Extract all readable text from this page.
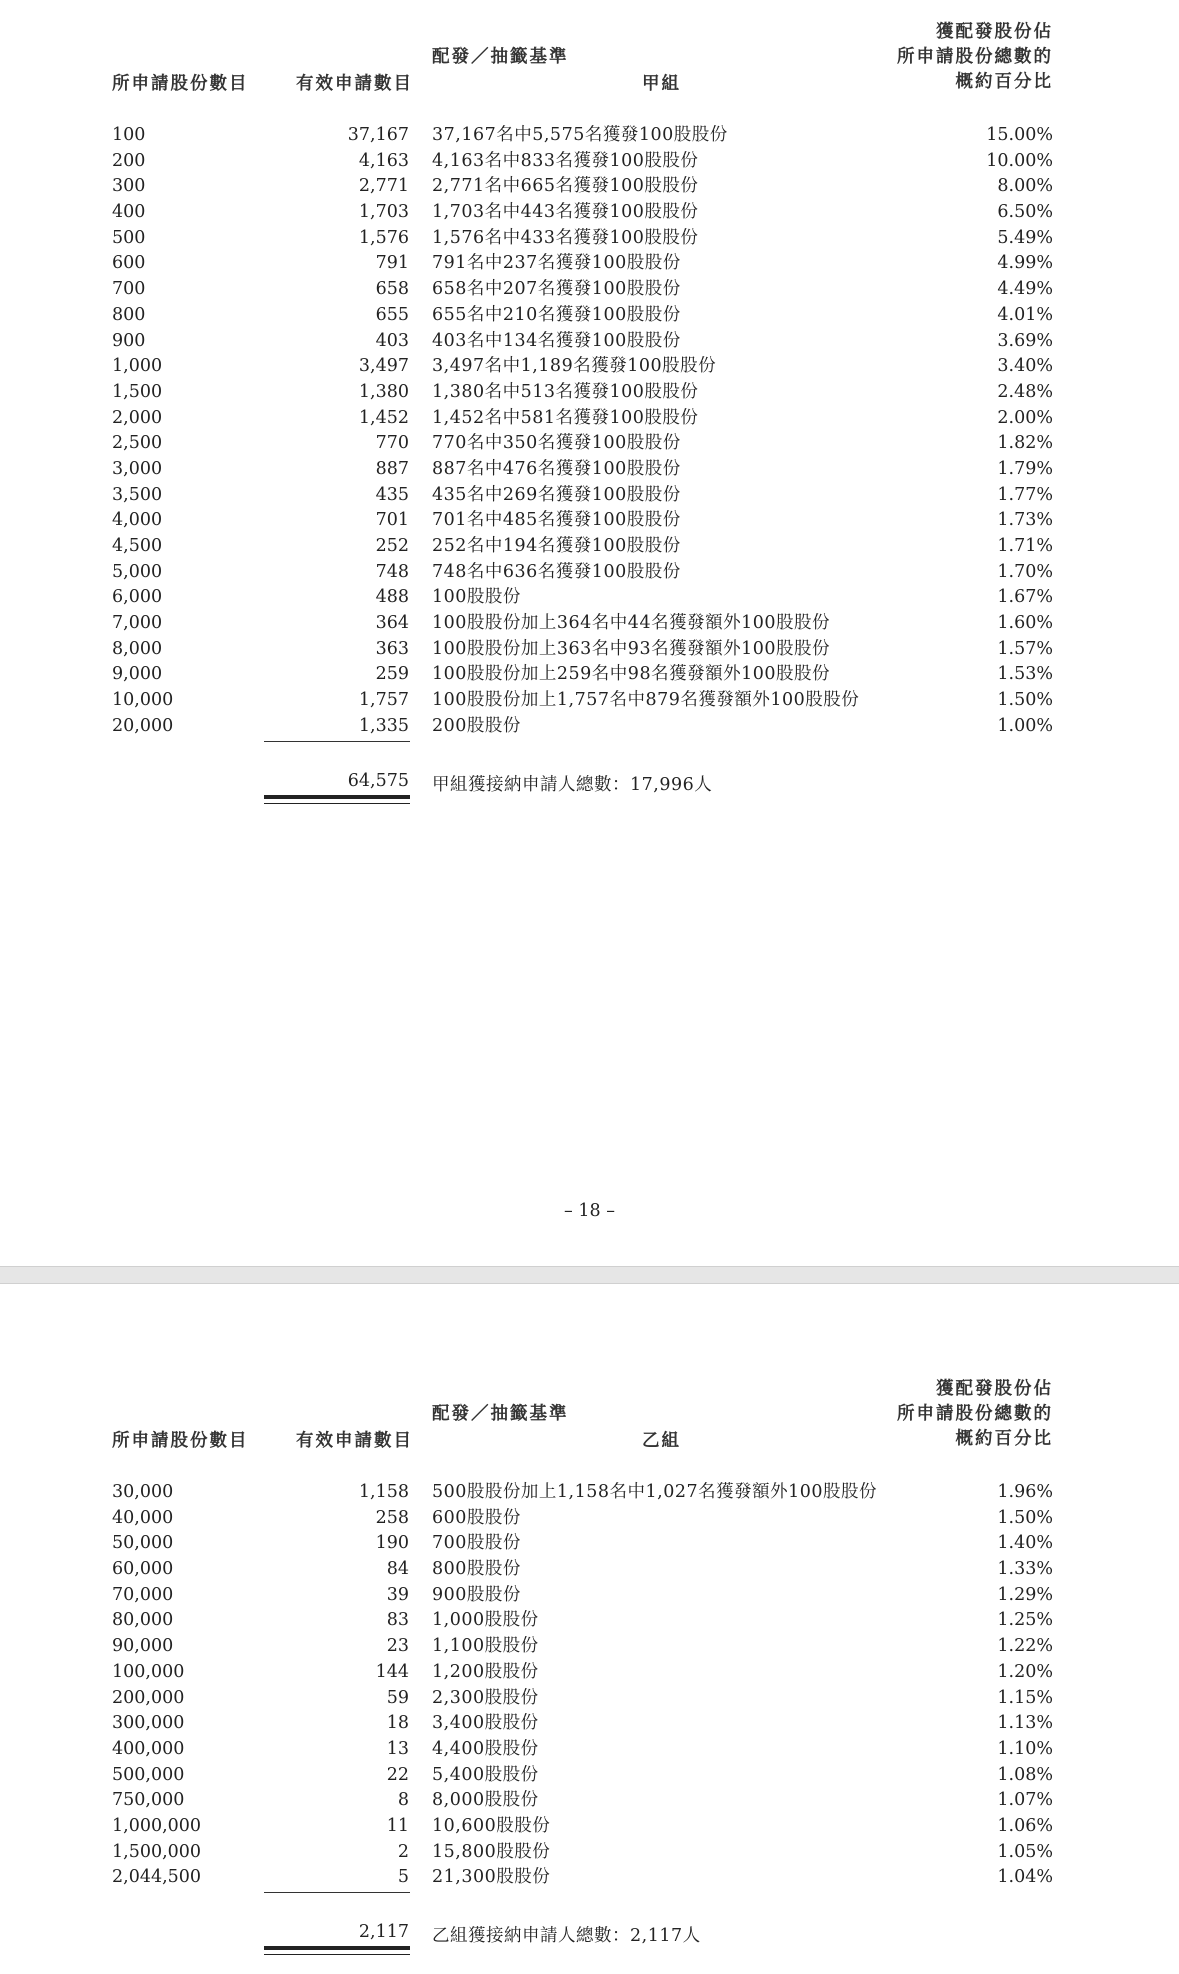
獲配發股份佔
所申請股份總數的
概約百分比
配發／抽籤基準
所申請股份數目	有效申請數目	甲組
100	37,167 37,167名中5,575名獲發100股股份	15.00%
200	4,163 4,163名中833名獲發100股股份	10.00%
300	2,771 2,771名中665名獲發100股股份	8.00%
400	1,703 1,703名中443名獲發100股股份	6.50%
500	1,576 1,576名中433名獲發100股股份	5.49%
600	791 791名中237名獲發100股股份	4.99%
700	658 658名中207名獲發100股股份	4.49%
800	655 655名中210名獲發100股股份	4.01%
900	403 403名中134名獲發100股股份	3.69%
1,000	3,497 3,497名中1,189名獲發100股股份	3.40%
1,500	1,380 1,380名中513名獲發100股股份	2.48%
2,000	1,452 1,452名中581名獲發100股股份	2.00%
2,500	770 770名中350名獲發100股股份	1.82%
3,000	887 887名中476名獲發100股股份	1.79%
3,500	435 435名中269名獲發100股股份	1.77%
4,000	701 701名中485名獲發100股股份	1.73%
4,500	252 252名中194名獲發100股股份	1.71%
5,000	748 748名中636名獲發100股股份	1.70%
6,000	488 100股股份	1.67%
7,000	364 100股股份加上364名中44名獲發額外100股股份	1.60%
8,000	363 100股股份加上363名中93名獲發額外100股股份	1.57%
9,000	259 100股股份加上259名中98名獲發額外100股股份	1.53%
10,000	1,757 100股股份加上1,757名中879名獲發額外100股股份	1.50%
20,000	1,335 200股股份	1.00%
64,575 甲組獲接納申請人總數：17,996人
– 18 –
獲配發股份佔
所申請股份總數的
概約百分比
配發／抽籤基準
所申請股份數目	有效申請數目	乙組
30,000	1,158 500股股份加上1,158名中1,027名獲發額外100股股份	1.96%
40,000	258 600股股份	1.50%
50,000	190 700股股份	1.40%
60,000	84 800股股份	1.33%
70,000	39 900股股份	1.29%
80,000	83 1,000股股份	1.25%
90,000	23 1,100股股份	1.22%
100,000	144 1,200股股份	1.20%
200,000	59 2,300股股份	1.15%
300,000	18 3,400股股份	1.13%
400,000	13 4,400股股份	1.10%
500,000	22 5,400股股份	1.08%
750,000	8 8,000股股份	1.07%
1,000,000	11 10,600股股份	1.06%
1,500,000	2 15,800股股份	1.05%
2,044,500	5 21,300股股份	1.04%
2,117 乙組獲接納申請人總數：2,117人
